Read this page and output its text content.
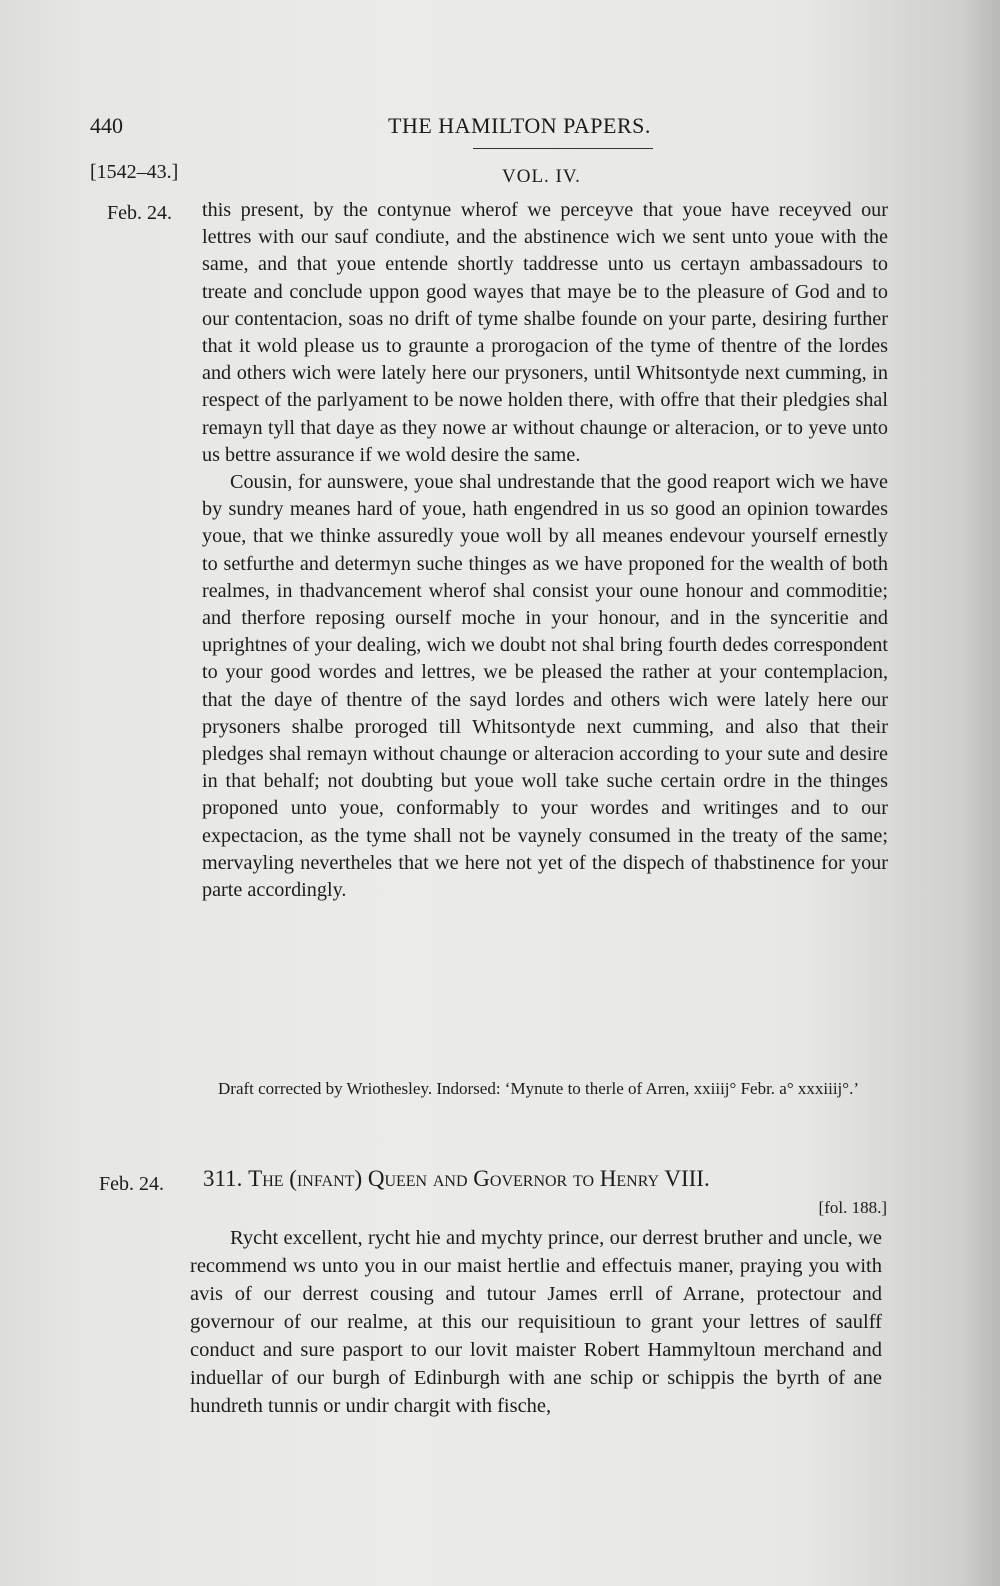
440	THE HAMILTON PAPERS.
[1542–43.]	VOL. IV.
Feb. 24. this present, by the contynue wherof we perceyve that youe have receyved our lettres with our sauf condiute, and the abstinence wich we sent unto youe with the same, and that youe entende shortly taddresse unto us certayn ambassadours to treate and conclude uppon good wayes that maye be to the pleasure of God and to our contentacion, soas no drift of tyme shalbe founde on your parte, desiring further that it wold please us to graunte a prorogacion of the tyme of thentre of the lordes and others wich were lately here our prysoners, until Whitsontyde next cumming, in respect of the parlyament to be nowe holden there, with offre that their pledgies shal remayn tyll that daye as they nowe ar without chaunge or alteracion, or to yeve unto us bettre assurance if we wold desire the same.

Cousin, for aunswere, youe shal undrestande that the good reaport wich we have by sundry meanes hard of youe, hath engendred in us so good an opinion towardes youe, that we thinke assuredly youe woll by all meanes endevour yourself ernestly to setfurthe and determyn suche thinges as we have proponed for the wealth of both realmes, in thadvancement wherof shal consist your oune honour and commoditie; and therfore reposing ourself moche in your honour, and in the synceritie and uprightnes of your dealing, wich we doubt not shal bring fourth dedes correspondent to your good wordes and lettres, we be pleased the rather at your contemplacion, that the daye of thentre of the sayd lordes and others wich were lately here our prysoners shalbe proroged till Whitsontyde next cumming, and also that their pledges shal remayn without chaunge or alteracion according to your sute and desire in that behalf; not doubting but youe woll take suche certain ordre in the thinges proponed unto youe, conformably to your wordes and writinges and to our expectacion, as the tyme shall not be vaynely consumed in the treaty of the same; mervayling nevertheles that we here not yet of the dispech of thabstinence for your parte accordingly.

Draft corrected by Wriothesley. Indorsed: ‘Mynute to therle of Arren, xxiiij° Febr. a° xxxiiij°.’
Feb. 24. 311. The (infant) Queen and Governor to Henry VIII.
[fol. 188.]
Rycht excellent, rycht hie and mychty prince, our derrest bruther and uncle, we recommend ws unto you in our maist hertlie and effectuis maner, praying you with avis of our derrest cousing and tutour James errll of Arrane, protectour and governour of our realme, at this our requisitioun to grant your lettres of saulff conduct and sure pasport to our lovit maister Robert Hammyltoun merchand and induellar of our burgh of Edinburgh with ane schip or schippis the byrth of ane hundreth tunnis or undir chargit with fische,
